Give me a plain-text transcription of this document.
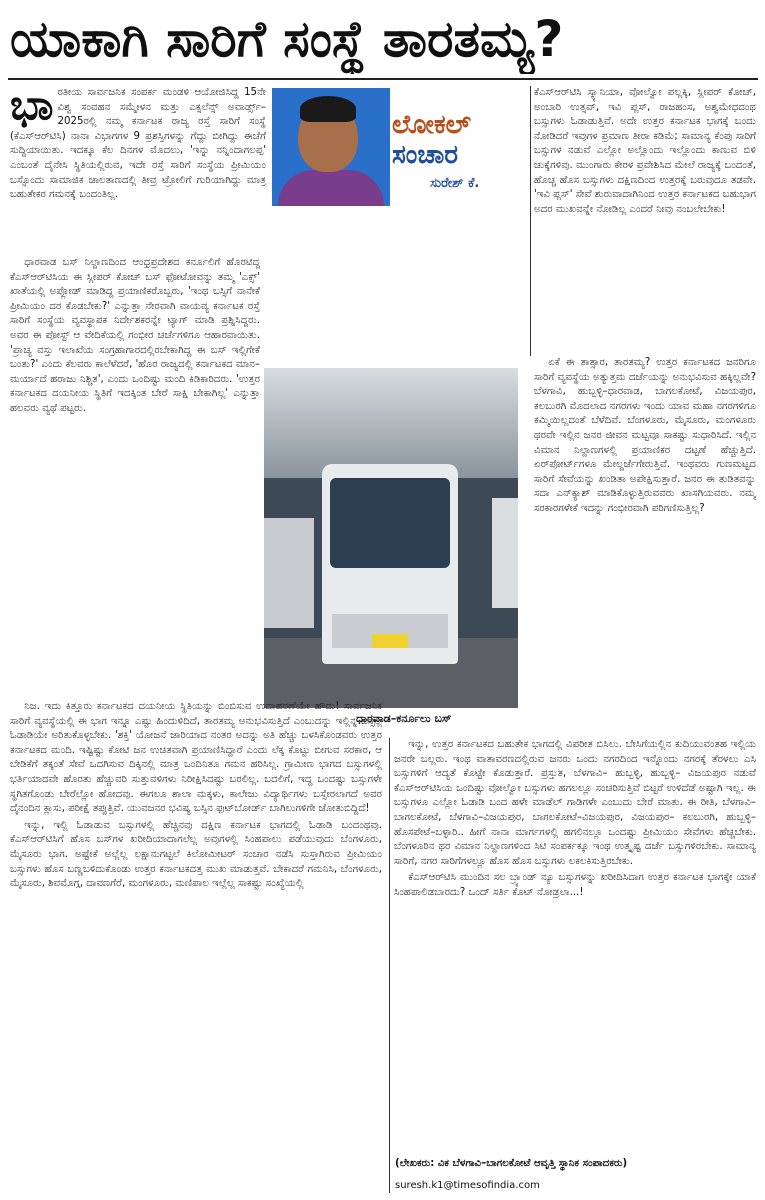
ಯಾಕಾಗಿ ಸಾರಿಗೆ ಸಂಸ್ಥೆ ತಾರತಮ್ಯ?
ಲೋಕಲ್
ಸಂಚಾರ
ಸುರೇಶ್ ಕೆ.

ಭಾರತೀಯ ಸಾರ್ವಜನಿಕ ಸಂಪರ್ಕ ಮಂಡಳಿ ಆಯೋಜಿಸಿದ್ದ 15ನೇ ವಿಶ್ವ ಸಂವಹನ ಸಮ್ಮೇಳನ ಮತ್ತು ಎಕ್ಸಲೆನ್ಸ್ ಅವಾರ್ಡ್ಸ್–2025ರಲ್ಲಿ ನಮ್ಮ ಕರ್ನಾಟಕ ರಾಜ್ಯ ರಸ್ತೆ ಸಾರಿಗೆ ಸಂಸ್ಥೆ (ಕೆಎಸ್‌ಆರ್‌ಟಿಸಿ) ನಾನಾ ವಿಭಾಗಗಳ 9 ಪ್ರಶಸ್ತಿಗಳನ್ನು ಗೆದ್ದು ಬೀಗಿದ್ದು ಈಚೆಗೆ ಸುದ್ದಿಯಾಯಿತು. ಇದಕ್ಕೂ ಕೆಲ ದಿನಗಳ ಮೊದಲು, 'ಇನ್ನು ನನ್ನಿಂದಾಗಲಪ್ಪ' ಎಂಬಂತೆ ದೈನೇಸಿ ಸ್ಥಿತಿಯಲ್ಲಿರುವ, ಇದೇ ರಸ್ತೆ ಸಾರಿಗೆ ಸಂಸ್ಥೆಯ ಪ್ರೀಮಿಯಂ ಬಸ್ಸೊಂದು ಸಾಮಾಜಿಕ ಜಾಲತಾಣದಲ್ಲಿ ತೀವ್ರ ಟ್ರೋಲಿಗೆ ಗುರಿಯಾಗಿದ್ದು ಮಾತ್ರ ಬಹುತೇಕರ ಗಮನಕ್ಕೆ ಬಂದಂತಿಲ್ಲ.

ಧಾರವಾಡ ಬಸ್ ನಿಲ್ದಾಣದಿಂದ ಆಂಧ್ರಪ್ರದೇಶದ ಕರ್ನೂಲಿಗೆ ಹೊರಟಿದ್ದ ಕೆಎಸ್‌ಆರ್‌ಟಿಸಿಯ ಈ ಸ್ಲೀಪರ್ ಕೋಚ್ ಬಸ್ ಫೋಟೋವನ್ನು ತಮ್ಮ 'ಎಕ್ಸ್' ಖಾತೆಯಲ್ಲಿ ಅಪ್ಲೋಡ್ ಮಾಡಿದ್ದ ಪ್ರಯಾಣಿಕರೊಬ್ಬರು, 'ಇಂಥ ಬಸ್ಸಿಗೆ ನಾನೇಕೆ ಪ್ರೀಮಿಯಂ ದರ ಕೊಡಬೇಕು?' ಎನ್ನುತ್ತಾ ನೇರವಾಗಿ ವಾಯವ್ಯ ಕರ್ನಾಟಕ ರಸ್ತೆ ಸಾರಿಗೆ ಸಂಸ್ಥೆಯ ವ್ಯವಸ್ಥಾಪಕ ನಿರ್ದೇಶಕರನ್ನೇ ಟ್ಯಾಗ್ ಮಾಡಿ ಪ್ರಶ್ನಿಸಿದ್ದರು. ಅವರ ಈ ಪೋಸ್ಟ್ ಆ ವೇದಿಕೆಯಲ್ಲಿ ಗಂಭೀರ ಚರ್ಚೆಗಳಿಗೂ ಆಹಾರವಾಯಿತು. 'ಪ್ರಾಚ್ಯ ವಸ್ತು ಇಲಾಖೆಯ ಸಂಗ್ರಹಾಗಾರದಲ್ಲಿರಬೇಕಾಗಿದ್ದ ಈ ಬಸ್ ಇಲ್ಲಿಗೇಕೆ ಬಂತು?' ಎಂದು ಕೆಲವರು ಕಾಲೆಳೆದರೆ, 'ಹೊರ ರಾಜ್ಯದಲ್ಲಿ ಕರ್ನಾಟಕದ ಮಾನ–ಮರ್ಯಾದೆ ಹರಾಜು ನಿಶ್ಚಿತ', ಎಂದು ಒಂದಿಷ್ಟು ಮಂದಿ ಕಿಡಿಕಾರಿದರು. 'ಉತ್ತರ ಕರ್ನಾಟಕದ ದಯನೀಯ ಸ್ಥಿತಿಗೆ ಇದಕ್ಕಿಂತ ಬೇರೆ ಸಾಕ್ಷಿ ಬೇಕಾಗಿಲ್ಲ' ಎನ್ನುತ್ತಾ ಹಲವರು ವ್ಯಥೆ ಪಟ್ಟರು.

ಧಾರವಾಡ–ಕರ್ನೂಲು ಬಸ್

ನಿಜ. ಇದು ಕಿತ್ತೂರು ಕರ್ನಾಟಕದ ದಯನೀಯ ಸ್ಥಿತಿಯನ್ನು ಬಿಂಬಿಸುವ ಉದಾಹರಣೆಯೇ ಹೌದು! ಸಾರ್ವಜನಿಕ ಸಾರಿಗೆ ವ್ಯವಸ್ಥೆಯಲ್ಲಿ ಈ ಭಾಗ ಇನ್ನೂ ಎಷ್ಟು ಹಿಂದುಳಿದಿದೆ, ತಾರತಮ್ಯ ಅನುಭವಿಸುತ್ತಿದೆ ಎಂಬುದನ್ನು ಇಲ್ಲಿನ್ನ ಬಸ್ಸಲ್ಲಿ ಓಡಾಡಿಯೇ ಅರಿತುಕೊಳ್ಳಬೇಕು. 'ಶಕ್ತಿ' ಯೋಜನೆ ಜಾರಿಯಾದ ನಂತರ ಅದನ್ನು ಅತಿ ಹೆಚ್ಚು ಬಳಸಿಕೊಂಡವರು ಉತ್ತರ ಕರ್ನಾಟಕದ ಮಂದಿ. ಇಷ್ಟಿಷ್ಟು ಕೋಟಿ ಜನ ಉಚಿತವಾಗಿ ಪ್ರಯಾಣಿಸಿದ್ದಾರೆ ಎಂದು ಲೆಕ್ಕ ಕೊಟ್ಟು ಬೀಗುವ ಸರಕಾರ, ಆ ಬೇಡಿಕೆಗೆ ತಕ್ಕಂತೆ ಸೇವೆ ಒದಗಿಸುವ ದಿಕ್ಕಿನಲ್ಲಿ ಮಾತ್ರ ಒಂದಿನಿತೂ ಗಮನ ಹರಿಸಿಲ್ಲ. ಗ್ರಾಮೀಣ ಭಾಗದ ಬಸ್ಸುಗಳಲ್ಲಿ ಭರ್ತಿಯಾದವೇ ಹೊರತು ಹೆಚ್ಚುವರಿ ಸುತ್ತುವಳಿಗಳು ನಿರೀಕ್ಷಿಸಿದಷ್ಟು ಬರಲಿಲ್ಲ. ಬದಲಿಗೆ, ಇದ್ದ ಒಂದಷ್ಟು ಬಸ್ಸುಗಳೇ ಸ್ಥಗಿತಗೊಂಡು ಬೇರೆಲ್ಲೋ ಹೋದವು. ಈಗಲೂ ಶಾಲಾ ಮಕ್ಕಳು, ಕಾಲೇಜು ವಿದ್ಯಾರ್ಥಿಗಳು ಬಸ್ಸೇರಲಾಗದೆ ಅವರ ದೈನಂದಿನ ಕ್ಲಾಸು, ಪರೀಕ್ಷೆ ತಪ್ಪುತ್ತಿವೆ. ಯುವಜನರ ಭವಿಷ್ಯ ಬಸ್ಸಿನ ಫುಟ್‌ಬೋರ್ಡ್ ಬಾಗಿಲುಗಳಿಗೇ ಜೋತುಬಿದ್ದಿದೆ!

ಇನ್ನು, ಇಲ್ಲಿ ಓಡಾಡುವ ಬಸ್ಸುಗಳಲ್ಲಿ ಹೆಚ್ಚಿನವು ದಕ್ಷಿಣ ಕರ್ನಾಟಕ ಭಾಗದಲ್ಲಿ ಓಡಾಡಿ ಬಂದಂಥವು. ಕೆಎಸ್‌ಆರ್‌ಟಿಸಿಗೆ ಹೊಸ ಬಸ್‌ಗಳ ಖರೀದಿಯಾದಾಗಲೆಲ್ಲ ಅವುಗಳಲ್ಲಿ ಸಿಂಹಪಾಲು ಪಡೆಯುವುದು ಬೆಂಗಳೂರು, ಮೈಸೂರು ಭಾಗ. ಅಷ್ಟೇಕೆ ಅಲ್ಲೆಲ್ಲ ಲಕ್ಷಾನುಗಟ್ಟಲೆ ಕಿಲೋಮೀಟರ್ ಸಂಚಾರ ನಡೆಸಿ ಸುಸ್ತಾಗಿರುವ ಪ್ರೀಮಿಯಂ ಬಸ್ಸುಗಳು ಹೊಸ ಬಣ್ಣಬಳಿದುಕೊಂಡು ಉತ್ತರ ಕರ್ನಾಟಕದತ್ತ ಮುಖ ಮಾಡುತ್ತವೆ. ಬೇಕಾದರೆ ಗಮನಿಸಿ, ಬೆಂಗಳೂರು, ಮೈಸೂರು, ಶಿವಮೊಗ್ಗ, ದಾವಣಗೆರೆ, ಮಂಗಳೂರು, ಮಣಿಪಾಲ ಇಲ್ಲೆಲ್ಲ ಸಾಕಷ್ಟು ಸಂಖ್ಯೆಯಲ್ಲಿ

ಕೆಎಸ್‌ಆರ್‌ಟಿಸಿ ಸ್ಕ್ಯಾನಿಯಾ, ವೋಲ್ವೋ ಪಲ್ಲಕ್ಕಿ, ಸ್ಲೀಪರ್ ಕೋಚ್, ಅಂಬಾರಿ ಉತ್ಸವ್, ಇವಿ ಪ್ಲಸ್, ರಾಜಹಂಸ, ಅಶ್ವಮೇಧದಂಥ ಬಸ್ಸುಗಳು ಓಡಾಡುತ್ತಿವೆ. ಅದೇ ಉತ್ತರ ಕರ್ನಾಟಕ ಭಾಗಕ್ಕೆ ಬಂದು ನೋಡಿದರೆ ಇವುಗಳ ಪ್ರಮಾಣ ತೀರಾ ಕಡಿಮೆ; ಸಾಮಾನ್ಯ ಕೆಂಪು ಸಾರಿಗೆ ಬಸ್ಸುಗಳ ನಡುವೆ ಎಲ್ಲೋ ಅಲ್ಲೊಂದು ಇಲ್ಲೊಂದು ಕಾಣುವ ಬಿಳಿ ಚುಕ್ಕೆಗಳಿವು. ಮುಂಗಾರು ಕೇರಳ ಪ್ರವೇಶಿಸಿದ ಮೇಲೆ ರಾಜ್ಯಕ್ಕೆ ಬಂದಂತೆ, ಹೊಚ್ಚ ಹೊಸ ಬಸ್ಸುಗಳು ದಕ್ಷಿಣದಿಂದ ಉತ್ತರಕ್ಕೆ ಬರುವುದೂ ತಡವೇ. 'ಇವಿ ಪ್ಲಸ್' ಸೇವೆ ಶುರುವಾದಾಗಿನಿಂದ ಉತ್ತರ ಕರ್ನಾಟಕದ ಬಹುಭಾಗ ಅದರ ಮುಖವನ್ನೇ ನೋಡಿಲ್ಲ ಎಂದರೆ ನೀವು ನಂಬಲೇಬೇಕು!

ಏಕೆ ಈ ತಾತ್ಸಾರ, ತಾರತಮ್ಯ? ಉತ್ತರ ಕರ್ನಾಟಕದ ಜನರಿಗೂ ಸಾರಿಗೆ ವ್ಯವಸ್ಥೆಯ ಅತ್ಯುತ್ತಮ ದರ್ಜೆಯನ್ನು ಅನುಭವಿಸುವ ಹಕ್ಕಿಲ್ಲವೇ? ಬೆಳಗಾವಿ, ಹುಬ್ಬಳ್ಳಿ–ಧಾರವಾಡ, ಬಾಗಲಕೋಟೆ, ವಿಜಯಪುರ, ಕಲಬುರಗಿ ಮೊದಲಾದ ನಗರಗಳು ಇಂದು ಯಾವ ಮಹಾ ನಗರಗಳಿಗೂ ಕಮ್ಮಿಯಿಲ್ಲದಂತೆ ಬೆಳೆದಿವೆ. ಬೆಂಗಳೂರು, ಮೈಸೂರು, ಮಂಗಳೂರು ಥರವೇ ಇಲ್ಲಿನ ಜನರ ಜೀವನ ಮಟ್ಟವೂ ಸಾಕಷ್ಟು ಸುಧಾರಿಸಿದೆ. ಇಲ್ಲಿನ ವಿಮಾನ ನಿಲ್ದಾಣಗಳಲ್ಲಿ ಪ್ರಯಾಣಿಕರ ದಟ್ಟಣೆ ಹೆಚ್ಚುತ್ತಿದೆ. ಏರ್‌ಪೋರ್ಟ್‌ಗಳೂ ಮೇಲ್ದರ್ಜೆಗೇರುತ್ತಿವೆ. ಇಂಥವರು ಗುಣಮಟ್ಟದ ಸಾರಿಗೆ ಸೇವೆಯನ್ನು ಖಂಡಿತಾ ಅಪೇಕ್ಷಿಸುತ್ತಾರೆ. ಜನರ ಈ ತುಡಿತವನ್ನು ಸದಾ ಎನ್‌ಕ್ಯಾಶ್ ಮಾಡಿಕೊಳ್ಳುತ್ತಿರುವವರು ಖಾಸಗಿಯವರು. ನಮ್ಮ ಸರಕಾರಗಳೇಕೆ ಇದನ್ನು ಗಂಭೀರವಾಗಿ ಪರಿಗಣಿಸುತ್ತಿಲ್ಲ?

ಇನ್ನು, ಉತ್ತರ ಕರ್ನಾಟಕದ ಬಹುತೇಕ ಭಾಗದಲ್ಲಿ ವಿಪರೀತ ಬಿಸಿಲು. ಬೇಸಿಗೆಯಲ್ಲಿನ ಕುದಿಯುವಂತಹ ಇಲ್ಲಿಯ ಜನರೇ ಬಲ್ಲರು. ಇಂಥ ವಾತಾವರಣದಲ್ಲಿರುವ ಜನರು ಒಂದು ನಗರದಿಂದ ಇನ್ನೊಂದು ನಗರಕ್ಕೆ ತೆರಳಲು ಎಸಿ ಬಸ್ಸುಗಳಿಗೆ ಆದ್ಯತೆ ಕೊಟ್ಟೇ ಕೊಡುತ್ತಾರೆ. ಪ್ರಸ್ತುತ, ಬೆಳಗಾವಿ– ಹುಬ್ಬಳ್ಳಿ, ಹುಬ್ಬಳ್ಳಿ– ವಿಜಯಪುರ ನಡುವೆ ಕೆಎಸ್‌ಆರ್‌ಟಿಸಿಯ ಒಂದಿಷ್ಟು ವೋಲ್ವೋ ಬಸ್ಸುಗಳು ಹಗಲಲ್ಲೂ ಸಂಚರಿಸುತ್ತಿವೆ ಬಿಟ್ಟರೆ ಉಳಿದೆಡೆ ಅಷ್ಟಾಗಿ ಇಲ್ಲ. ಈ ಬಸ್ಸುಗಳೂ ಎಲ್ಲೋ ಓಡಾಡಿ ಬಂದ ಹಳೇ ಮಾಡೆಲ್ ಗಾಡಿಗಳೇ ಎಂಬುದು ಬೇರೆ ಮಾತು. ಈ ರೀತಿ, ಬೆಳಗಾವಿ–ಬಾಗಲಕೋಟೆ, ಬೆಳಗಾವಿ–ವಿಜಯಪುರ, ಬಾಗಲಕೋಟೆ–ವಿಜಯಪುರ, ವಿಜಯಪುರ– ಕಲಬುರಗಿ, ಹುಬ್ಬಳ್ಳಿ– ಹೊಸಪೇಟೆ–ಬಳ್ಳಾರಿ.. ಹೀಗೆ ನಾನಾ ಮಾರ್ಗಗಳಲ್ಲಿ ಹಗಲಿನಲ್ಲೂ ಒಂದಷ್ಟು ಪ್ರೀಮಿಯಂ ಸೇವೆಗಳು ಹೆಚ್ಚಬೇಕು. ಬೆಂಗಳೂರಿನ ಥರ ವಿಮಾನ ನಿಲ್ದಾಣಗಳಿಂದ ಸಿಟಿ ಸಂಪರ್ಕಕ್ಕೂ ಇಂಥ ಉತ್ಕೃಷ್ಟ ದರ್ಜೆ ಬಸ್ಸುಗಳಿರಬೇಕು. ಸಾಮಾನ್ಯ ಸಾರಿಗೆ, ನಗರ ಸಾರಿಗೆಗಳಲ್ಲೂ ಹೊಸ ಹೊಸ ಬಸ್ಸುಗಳು ಲಕಲಕಿಸುತ್ತಿರಬೇಕು.

ಕೆಎಸ್‌ಆರ್‌ಟಿಸಿ ಮುಂದಿನ ಸಲ ಬ್ರ್ಯಾಂಡ್ ನ್ಯೂ ಬಸ್ಸುಗಳನ್ನು ಖರೀದಿಸಿದಾಗ ಉತ್ತರ ಕರ್ನಾಟಕ ಭಾಗಕ್ಕೇ ಯಾಕೆ ಸಿಂಹಪಾಲಿಡಬಾರದು? ಒಂದ್ ಸರ್ತಿ ಕೊಟ್ ನೋಡ್ರಲಾ...!

(ಲೇಖಕರು: ವಿಕ ಬೆಳಗಾವಿ–ಬಾಗಲಕೋಟೆ ಆವೃತ್ತಿ ಸ್ಥಾನಿಕ ಸಂಪಾದಕರು)
suresh.k1@timesofindia.com
